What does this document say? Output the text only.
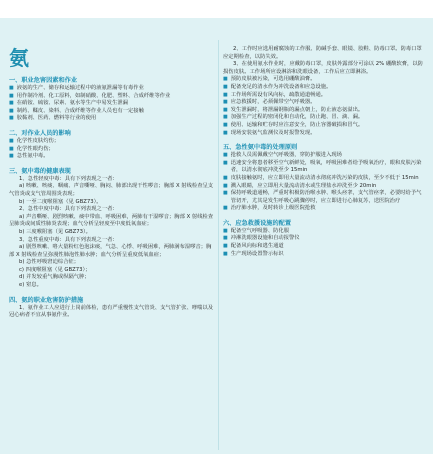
氨
一、职业危害因素和作业
■ 液氨的生产、储存和运输过程中的液氨泄漏等有毒作业
■ 用作制冷剂、化工原料，如制硝酸、化肥、塑料、合成纤维等作业
■ 在硝铵、硫铵、尿素、氨水等生产中易发生泄漏
■ 制药、鞣皮、染料、合成纤维等作业人员也有一定接触
■ 胶黏剂、医药、燃料等行业的使用
二、对作业人员的影响
■ 化学性皮肤灼伤；
■ 化学性眼灼伤；
■ 急性氨中毒。
三、氨中毒的健康表现

1、急性轻度中毒：具有下列表现之一者：

a) 咳嗽、咳痰、咽痛、声音嘶哑、胸闷、肺部出现干性啰音；胸部 X 射线检查呈支气管炎或支气管周围炎表现；

b) 一至二度喉阻塞（见 GBZ73）。

2、急性中度中毒：具有下列表现之一者：

a) 声音嘶哑、剧烈咳嗽、痰中带血、呼吸困难，两肺有干湿啰音；胸部 X 射线检查呈肺炎或间质性肺炎表现；血气分析呈轻度至中度低氧血症；

b) 三度喉阻塞（见 GBZ73）。

3、急性重度中毒：具有下列表现之一者：

a) 剧烈咳嗽、咯大量粉红色泡沫痰，气急、心悸、呼吸困难，两肺满布湿啰音；胸部 X 射线检查呈弥漫性肺泡性肺水肿；血气分析呈重度低氧血症；

b) 急性呼吸窘迫综合征；

c) 四度喉阻塞（见 GBZ73）；

d) 并发较重气胸或纵隔气肿；

e) 窒息。

四、氨的职业危害防护措施

1、氨作业工人应进行上岗前体检，患有严重慢性支气管炎、支气管扩张、哮喘以及冠心病者不宜从事氨作业。

2、工作时应选用耐腐蚀的工作服、防碱手套、眼镜、胶鞋、防毒口罩。防毒口罩应定期检查，以防失效。

3、在使用氨水作业时，应戴防毒口罩，皮肤外露部分可涂以 2% 硼酸软膏，以防损伤皮肤。工作场所应设淋浴和洗眼设备，工作后应立即淋浴。

■ 预防皮肤被污染，可选用硼酸油膏。
■ 配备充足的清水作为冲洗设备和应急设施。
■ 工作场所需设有风向标，疏散通道畅通。
■ 应急救援时，必须佩带空气呼吸器。
■ 发生泄漏时，将泄漏钢瓶的漏点朝上，防止液态氨溢出。
■ 加强生产过程的密闭化和自动化，防止跑、冒、滴、漏。
■ 使用、运输和贮存时应注意安全，防止容器破损和冒气。
■ 现场安装氨气监测仪及时报警发现。
五、急性氨中毒的处理原则
■ 抢救人员需佩戴空气呼吸器，穿防护服进入现场
■ 迅速安全将患者移至空气新鲜处，吸氧，呼吸困难者给予吸氧治疗，眼和皮肤污染者，以清水彻底冲洗至少 15min
■ 皮肤接触氨时，应立即用大量流动清水彻底冲洗污染的皮肤，至少不低于 15min
■ 溅入眼睛，应立即用大量流动清水或生理盐水冲洗至少 20min
■ 保持呼吸道通畅，严重时积极防治喉水肿、喉头痉挛，支气管痉挛，必要时给予气管切开，尤其是发生呼吸心跳骤停时，应立即进行心肺复苏，送医院治疗
■ 治疗肺水肿，及时转诊上级医院抢救
六、应急救援设施的配置
■ 配备空气呼吸器、防化服
■ 冲淋洗眼器设施和自动报警仪
■ 配备风向标和逃生通道
■ 生产现场设置警示标识
